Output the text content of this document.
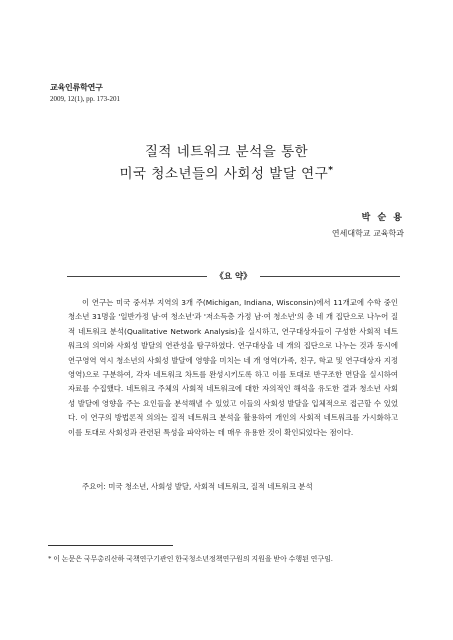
교육인류학연구
2009, 12(1), pp. 173-201
질적 네트워크 분석을 통한
미국 청소년들의 사회성 발달 연구*
박 순 용
연세대학교 교육학과
《요 약》

이 연구는 미국 중서부 지역의 3개 주(Michigan, Indiana, Wisconsin)에서 11개교에 수학 중인 청소년 31명을 '일반가정 남·여 청소년'과 '저소득층 가정 남·여 청소년'의 총 네 개 집단으로 나누어 질적 네트워크 분석(Qualitative Network Analysis)을 실시하고, 연구대상자들이 구성한 사회적 네트워크의 의미와 사회성 발달의 연관성을 탐구하였다. 연구대상을 네 개의 집단으로 나누는 것과 동시에 연구영역 역시 청소년의 사회성 발달에 영향을 미치는 네 개 영역(가족, 친구, 학교 및 연구대상자 지정 영역)으로 구분하여, 각자 네트워크 차트를 완성시키도록 하고 이를 토대로 반구조한 면담을 실시하여 자료를 수집했다. 네트워크 주체의 사회적 네트워크에 대한 자의적인 해석을 유도한 결과 청소년 사회성 발달에 영향을 주는 요인들을 분석해낼 수 있었고 이들의 사회성 발달을 입체적으로 접근할 수 있었다. 이 연구의 방법론적 의의는 질적 네트워크 분석을 활용하여 개인의 사회적 네트워크를 가시화하고 이를 토대로 사회성과 관련된 특성을 파악하는 데 매우 유용한 것이 확인되었다는 점이다.

주요어: 미국 청소년, 사회성 발달, 사회적 네트워크, 질적 네트워크 분석
* 이 논문은 국무총리산하 국책연구기관인 한국청소년정책연구원의 지원을 받아 수행된 연구임.
